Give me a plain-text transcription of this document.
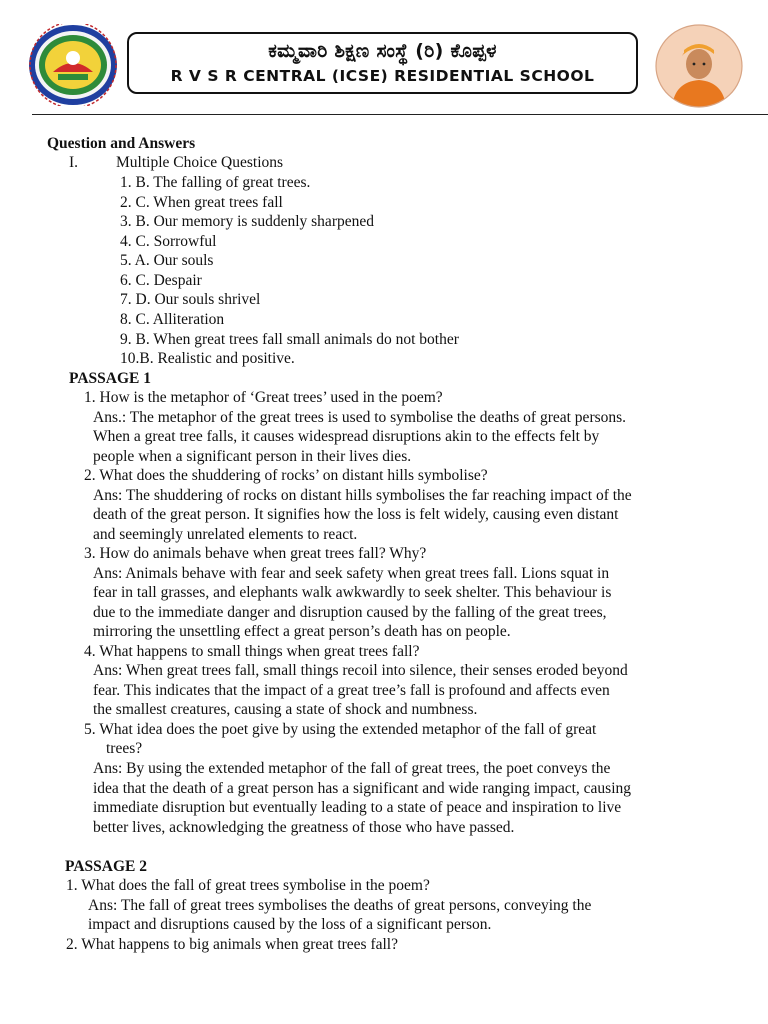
ಕಮ್ಮವಾರಿ ಶಿಕ್ಷಣ ಸಂಸ್ಥೆ (ರಿ) ಕೊಪ್ಪಳ
R V S R CENTRAL (ICSE) RESIDENTIAL SCHOOL
Question and Answers
I. Multiple Choice Questions
1. B. The falling of great trees.
2. C. When great trees fall
3. B. Our memory is suddenly sharpened
4. C. Sorrowful
5. A. Our souls
6. C. Despair
7. D. Our souls shrivel
8. C. Alliteration
9. B. When great trees fall small animals do not bother
10.B. Realistic and positive.
PASSAGE 1
1. How is the metaphor of ‘Great trees’ used in the poem?
Ans.: The metaphor of the great trees is used to symbolise the deaths of great persons.
When a great tree falls, it causes widespread disruptions akin to the effects felt by
people when a significant person in their lives dies.
2. What does the shuddering of rocks’ on distant hills symbolise?
Ans: The shuddering of rocks on distant hills symbolises the far reaching impact of the
death of the great person. It signifies how the loss is felt widely, causing even distant
and seemingly unrelated elements to react.
3. How do animals behave when great trees fall? Why?
Ans: Animals behave with fear and seek safety when great trees fall. Lions squat in
fear in tall grasses, and elephants walk awkwardly to seek shelter. This behaviour is
due to the immediate danger and disruption caused by the falling of the great trees,
mirroring the unsettling effect a great person’s death has on people.
4. What happens to small things when great trees fall?
Ans: When great trees fall, small things recoil into silence, their senses eroded beyond
fear. This indicates that the impact of a great tree’s fall is profound and affects even
the smallest creatures, causing a state of shock and numbness.
5. What idea does the poet give by using the extended metaphor of the fall of great
trees?
Ans: By using the extended metaphor of the fall of great trees, the poet conveys the
idea that the death of a great person has a significant and wide ranging impact, causing
immediate disruption but eventually leading to a state of peace and inspiration to live
better lives, acknowledging the greatness of those who have passed.
PASSAGE 2
1. What does the fall of great trees symbolise in the poem?
Ans: The fall of great trees symbolises the deaths of great persons, conveying the
impact and disruptions caused by the loss of a significant person.
2. What happens to big animals when great trees fall?
